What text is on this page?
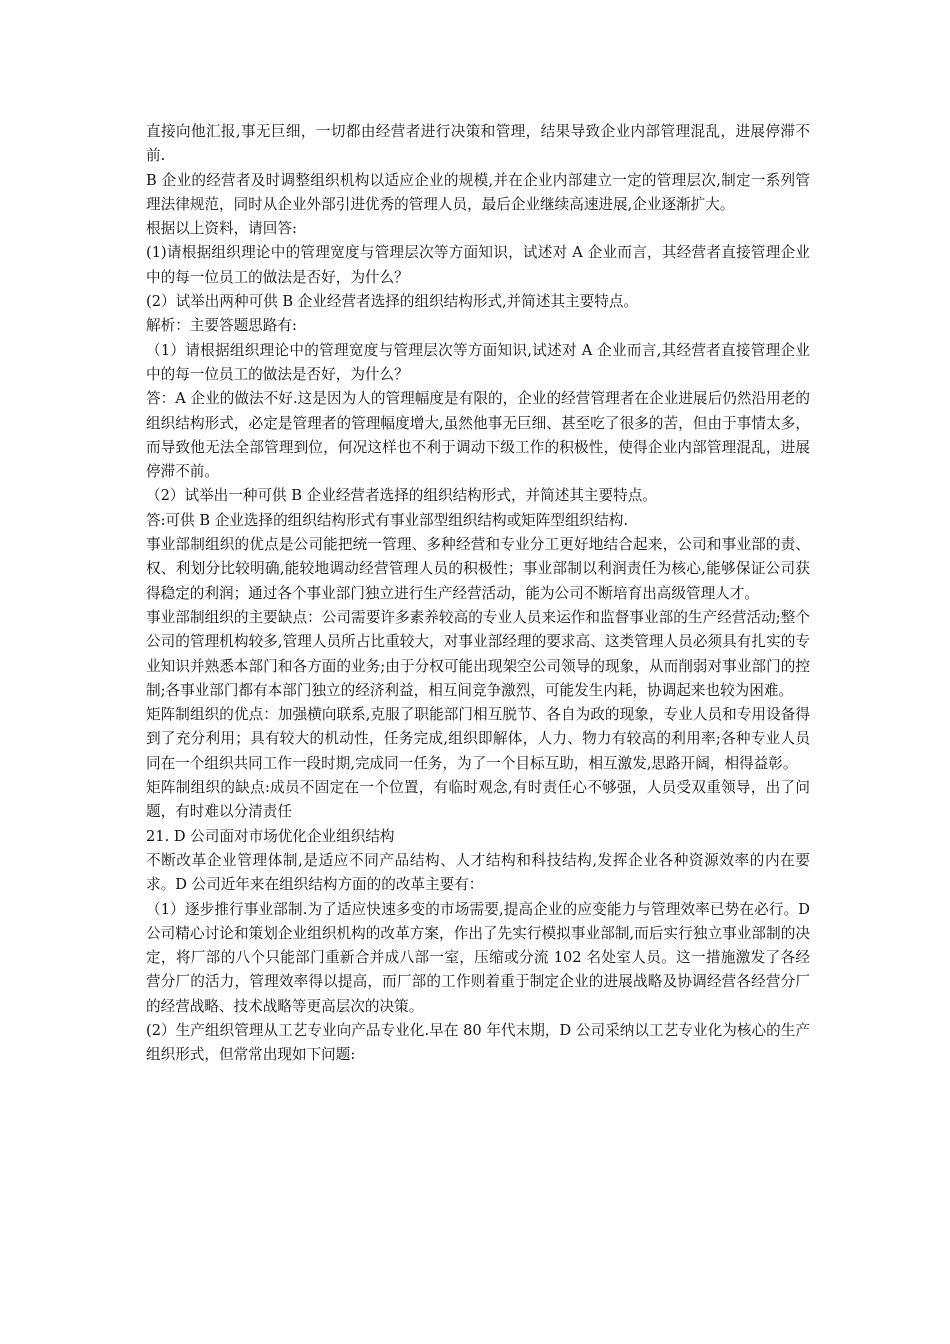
直接向他汇报,事无巨细，一切都由经营者进行决策和管理，结果导致企业内部管理混乱，进展停滞不前.

B 企业的经营者及时调整组织机构以适应企业的规模,并在企业内部建立一定的管理层次,制定一系列管理法律规范，同时从企业外部引进优秀的管理人员，最后企业继续高速进展,企业逐渐扩大。

根据以上资料，请回答:

(1)请根据组织理论中的管理宽度与管理层次等方面知识，试述对 A 企业而言，其经营者直接管理企业中的每一位员工的做法是否好，为什么？

(2）试举出两种可供 B 企业经营者选择的组织结构形式,并简述其主要特点。

解析：主要答题思路有:

（1）请根据组织理论中的管理宽度与管理层次等方面知识,试述对 A 企业而言,其经营者直接管理企业中的每一位员工的做法是否好，为什么？

答：A 企业的做法不好.这是因为人的管理幅度是有限的，企业的经营管理者在企业进展后仍然沿用老的组织结构形式，必定是管理者的管理幅度增大,虽然他事无巨细、甚至吃了很多的苦，但由于事情太多，而导致他无法全部管理到位，何况这样也不利于调动下级工作的积极性，使得企业内部管理混乱，进展停滞不前。

（2）试举出一种可供 B 企业经营者选择的组织结构形式，并简述其主要特点。

答:可供 B 企业选择的组织结构形式有事业部型组织结构或矩阵型组织结构.

事业部制组织的优点是公司能把统一管理、多种经营和专业分工更好地结合起来，公司和事业部的责、权、利划分比较明确,能较地调动经营管理人员的积极性；事业部制以利润责任为核心,能够保证公司获得稳定的利润；通过各个事业部门独立进行生产经营活动，能为公司不断培育出高级管理人才。

事业部制组织的主要缺点：公司需要许多素养较高的专业人员来运作和监督事业部的生产经营活动;整个公司的管理机构较多,管理人员所占比重较大，对事业部经理的要求高、这类管理人员必须具有扎实的专业知识并熟悉本部门和各方面的业务;由于分权可能出现架空公司领导的现象，从而削弱对事业部门的控制;各事业部门都有本部门独立的经济利益，相互间竞争激烈，可能发生内耗，协调起来也较为困难。

矩阵制组织的优点：加强横向联系,克服了职能部门相互脱节、各自为政的现象，专业人员和专用设备得到了充分利用；具有较大的机动性，任务完成,组织即解体，人力、物力有较高的利用率;各种专业人员同在一个组织共同工作一段时期,完成同一任务，为了一个目标互助，相互激发,思路开阔，相得益彰。

矩阵制组织的缺点:成员不固定在一个位置，有临时观念,有时责任心不够强，人员受双重领导，出了问题，有时难以分清责任

21. D 公司面对市场优化企业组织结构

不断改革企业管理体制,是适应不同产品结构、人才结构和科技结构,发挥企业各种资源效率的内在要求。D 公司近年来在组织结构方面的的改革主要有：

（1）逐步推行事业部制.为了适应快速多变的市场需要,提高企业的应变能力与管理效率已势在必行。D 公司精心讨论和策划企业组织机构的改革方案，作出了先实行模拟事业部制,而后实行独立事业部制的决定，将厂部的八个只能部门重新合并成八部一室，压缩或分流 102 名处室人员。这一措施激发了各经营分厂的活力，管理效率得以提高，而厂部的工作则着重于制定企业的进展战略及协调经营各经营分厂的经营战略、技术战略等更高层次的决策。

(2）生产组织管理从工艺专业向产品专业化.早在 80 年代末期，D 公司采纳以工艺专业化为核心的生产组织形式，但常常出现如下问题:
